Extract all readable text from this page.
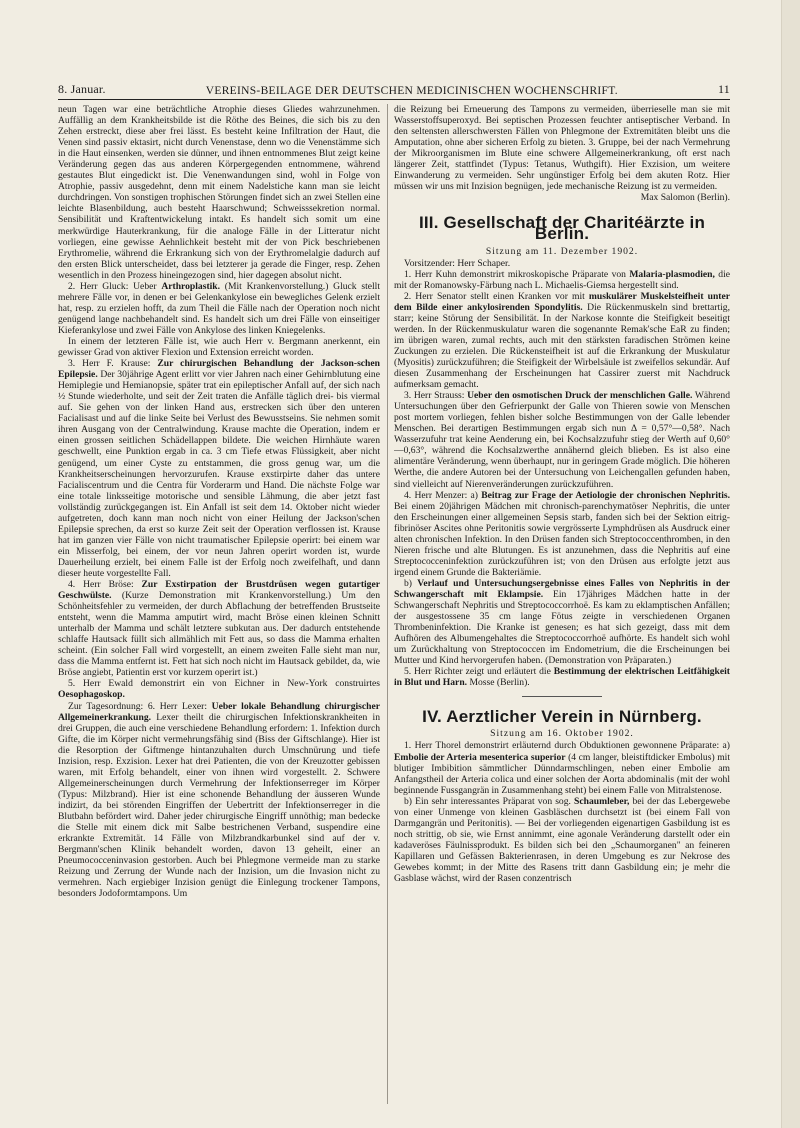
8. Januar.	VEREINS-BEILAGE DER DEUTSCHEN MEDICINISCHEN WOCHENSCHRIFT.	11

neun Tagen war eine beträchtliche Atrophie dieses Gliedes wahrzunehmen. Auffällig an dem Krankheitsbilde ist die Röthe des Beines, die sich bis zu den Zehen erstreckt, diese aber frei lässt. Es besteht keine Infiltration der Haut, die Venen sind passiv ektasirt, nicht durch Venenstase, denn wo die Venenstämme sich in die Haut einsenken, werden sie dünner, und ihnen entnommenes Blut zeigt keine Veränderung gegen das aus anderen Körpergegenden entnommene, während gestautes Blut eingedickt ist. Die Venenwandungen sind, wohl in Folge von Atrophie, passiv ausgedehnt, denn mit einem Nadelstiche kann man sie leicht durchdringen. Von sonstigen trophischen Störungen findet sich an zwei Stellen eine leichte Blasenbildung, auch besteht Haarschwund; Schweisssekretion normal. Sensibilität und Kraftentwickelung intakt. Es handelt sich somit um eine merkwürdige Hauterkrankung, für die analoge Fälle in der Litteratur nicht vorliegen, eine gewisse Aehnlichkeit besteht mit der von Pick beschriebenen Erythromelie, während die Erkrankung sich von der Erythromelalgie dadurch auf den ersten Blick unterscheidet, dass bei letzterer ja gerade die Finger, resp. Zehen wesentlich in den Prozess hineingezogen sind, hier dagegen absolut nicht.

2. Herr Gluck: Ueber Arthroplastik. (Mit Krankenvorstellung.) Gluck stellt mehrere Fälle vor, in denen er bei Gelenkankylose ein bewegliches Gelenk erzielt hat, resp. zu erzielen hofft, da zum Theil die Fälle nach der Operation noch nicht genügend lange nachbehandelt sind. Es handelt sich um drei Fälle von einseitiger Kieferankylose und zwei Fälle von Ankylose des linken Kniegelenks.

In einem der letzteren Fälle ist, wie auch Herr v. Bergmann anerkennt, ein gewisser Grad von aktiver Flexion und Extension erreicht worden.

3. Herr F. Krause: Zur chirurgischen Behandlung der Jackson-schen Epilepsie. Der 30jährige Agent erlitt vor vier Jahren nach einer Gehirnblutung eine Hemiplegie und Hemianopsie, später trat ein epileptischer Anfall auf, der sich nach ½ Stunde wiederholte, und seit der Zeit traten die Anfälle täglich drei- bis viermal auf. Sie gehen von der linken Hand aus, erstrecken sich über den unteren Facialisast und auf die linke Seite bei Verlust des Bewusstseins. Sie nehmen somit ihren Ausgang von der Centralwindung. Krause machte die Operation, indem er einen grossen seitlichen Schädellappen bildete. Die weichen Hirnhäute waren geschwellt, eine Punktion ergab in ca. 3 cm Tiefe etwas Flüssigkeit, aber nicht genügend, um einer Cyste zu entstammen, die gross genug war, um die Krankheitserscheinungen hervorzurufen. Krause exstirpirte daher das untere Facialiscentrum und die Centra für Vorderarm und Hand. Die nächste Folge war eine totale linksseitige motorische und sensible Lähmung, die aber jetzt fast vollständig zurückgegangen ist. Ein Anfall ist seit dem 14. Oktober nicht wieder aufgetreten, doch kann man noch nicht von einer Heilung der Jackson'schen Epilepsie sprechen, da erst so kurze Zeit seit der Operation verflossen ist. Krause hat im ganzen vier Fälle von nicht traumatischer Epilepsie operirt: bei einem war ein Misserfolg, bei einem, der vor neun Jahren operirt worden ist, wurde Dauerheilung erzielt, bei einem Falle ist der Erfolg noch zweifelhaft, und dann dieser heute vorgestellte Fall.

4. Herr Bröse: Zur Exstirpation der Brustdrüsen wegen gutartiger Geschwülste. (Kurze Demonstration mit Krankenvorstellung.) Um den Schönheitsfehler zu vermeiden, der durch Abflachung der betreffenden Brustseite entsteht, wenn die Mamma amputirt wird, macht Bröse einen kleinen Schnitt unterhalb der Mamma und schält letztere subkutan aus. Der dadurch entstehende schlaffe Hautsack füllt sich allmählich mit Fett aus, so dass die Mamma erhalten scheint. (Ein solcher Fall wird vorgestellt, an einem zweiten Falle sieht man nur, dass die Mamma entfernt ist. Fett hat sich noch nicht im Hautsack gebildet, da, wie Bröse angiebt, Patientin erst vor kurzem operirt ist.)

5. Herr Ewald demonstrirt ein von Eichner in New-York construirtes Oesophagoskop.

Zur Tagesordnung: 6. Herr Lexer: Ueber lokale Behandlung chirurgischer Allgemeinerkrankung. Lexer theilt die chirurgischen Infektionskrankheiten in drei Gruppen, die auch eine verschiedene Behandlung erfordern: 1. Infektion durch Gifte, die im Körper nicht vermehrungsfähig sind (Biss der Giftschlange). Hier ist die Resorption der Giftmenge hintanzuhalten durch Umschnürung und tiefe Inzision, resp. Exzision. Lexer hat drei Patienten, die von der Kreuzotter gebissen waren, mit Erfolg behandelt, einer von ihnen wird vorgestellt. 2. Schwere Allgemeinerscheinungen durch Vermehrung der Infektionserreger im Körper (Typus: Milzbrand). Hier ist eine schonende Behandlung der äusseren Wunde indizirt, da bei störenden Eingriffen der Uebertritt der Infektionserreger in die Blutbahn befördert wird. Daher jeder chirurgische Eingriff unnöthig; man bedecke die Stelle mit einem dick mit Salbe bestrichenen Verband, suspendire eine erkrankte Extremität. 14 Fälle von Milzbrandkarbunkel sind auf der v. Bergmann'schen Klinik behandelt worden, davon 13 geheilt, einer an Pneumococceninvasion gestorben. Auch bei Phlegmone vermeide man zu starke Reizung und Zerrung der Wunde nach der Inzision, um die Invasion nicht zu vermehren. Nach ergiebiger Inzision genügt die Einlegung trockener Tampons, besonders Jodoformtampons. Um

die Reizung bei Erneuerung des Tampons zu vermeiden, überrieselle man sie mit Wasserstoffsuperoxyd. Bei septischen Prozessen feuchter antiseptischer Verband. In den seltensten allerschwersten Fällen von Phlegmone der Extremitäten bleibt uns die Amputation, ohne aber sicheren Erfolg zu bieten. 3. Gruppe, bei der nach Vermehrung der Mikroorganismen im Blute eine schwere Allgemeinerkrankung, oft erst nach längerer Zeit, stattfindet (Typus: Tetanus, Wuthgift). Hier Exzision, um weitere Einwanderung zu vermeiden. Sehr ungünstiger Erfolg bei dem akuten Rotz. Hier müssen wir uns mit Inzision begnügen, jede mechanische Reizung ist zu vermeiden.

Max Salomon (Berlin).

III. Gesellschaft der Charitéärzte in Berlin.

Sitzung am 11. Dezember 1902.

Vorsitzender: Herr Schaper.

1. Herr Kuhn demonstrirt mikroskopische Präparate von Malaria-plasmodien, die mit der Romanowsky-Färbung nach L. Michaelis-Giemsa hergestellt sind.

2. Herr Senator stellt einen Kranken vor mit muskulärer Muskelsteifheit unter dem Bilde einer ankylosirenden Spondylitis. Die Rückenmuskeln sind brettartig, starr; keine Störung der Sensibilität. In der Narkose konnte die Steifigkeit beseitigt werden. In der Rückenmuskulatur waren die sogenannte Remak'sche EaR zu finden; im übrigen waren, zumal rechts, auch mit den stärksten faradischen Strömen keine Zuckungen zu erzielen. Die Rückensteifheit ist auf die Erkrankung der Muskulatur (Myositis) zurückzuführen; die Steifigkeit der Wirbelsäule ist zweifellos sekundär. Auf diesen Zusammenhang der Erscheinungen hat Cassirer zuerst mit Nachdruck aufmerksam gemacht.

3. Herr Strauss: Ueber den osmotischen Druck der menschlichen Galle. Während Untersuchungen über den Gefrierpunkt der Galle von Thieren sowie von Menschen post mortem vorliegen, fehlen bisher solche Bestimmungen von der Galle lebender Menschen. Bei derartigen Bestimmungen ergab sich nun Δ = 0,57°—0,58°. Nach Wasserzufuhr trat keine Aenderung ein, bei Kochsalzzufuhr stieg der Werth auf 0,60°—0,63°, während die Kochsalzwerthe annähernd gleich blieben. Es ist also eine alimentäre Veränderung, wenn überhaupt, nur in geringem Grade möglich. Die höheren Werthe, die andere Autoren bei der Untersuchung von Leichengallen gefunden haben, sind vielleicht auf Nierenveränderungen zurückzuführen.

4. Herr Menzer: a) Beitrag zur Frage der Aetiologie der chronischen Nephritis. Bei einem 20jährigen Mädchen mit chronisch-parenchymatöser Nephritis, die unter den Erscheinungen einer allgemeinen Sepsis starb, fanden sich bei der Sektion eitrig-fibrinöser Ascites ohne Peritonitis sowie vergrösserte Lymphdrüsen als Ausdruck einer alten chronischen Infektion. In den Drüsen fanden sich Streptococcenthromben, in den Nieren frische und alte Blutungen. Es ist anzunehmen, dass die Nephritis auf eine Streptococceninfektion zurückzuführen ist; von den Drüsen aus erfolgte jetzt aus irgend einem Grunde die Bakteriämie.

b) Verlauf und Untersuchungsergebnisse eines Falles von Nephritis in der Schwangerschaft mit Eklampsie. Ein 17jähriges Mädchen hatte in der Schwangerschaft Nephritis und Streptococcorrhoë. Es kam zu eklamptischen Anfällen; der ausgestossene 35 cm lange Fötus zeigte in verschiedenen Organen Thrombeninfektion. Die Kranke ist genesen; es hat sich gezeigt, dass mit dem Aufhören des Albumengehaltes die Streptococcorrhoë aufhörte. Es handelt sich wohl um Zurückhaltung von Streptococcen im Endometrium, die die Erscheinungen bei Mutter und Kind hervorgerufen haben. (Demonstration von Präparaten.)

5. Herr Richter zeigt und erläutert die Bestimmung der elektrischen Leitfähigkeit in Blut und Harn. Mosse (Berlin).

IV. Aerztlicher Verein in Nürnberg.

Sitzung am 16. Oktober 1902.

1. Herr Thorel demonstrirt erläuternd durch Obduktionen gewonnene Präparate: a) Embolie der Arteria mesenterica superior (4 cm langer, bleistiftdicker Embolus) mit blutiger Imbibition sämmtlicher Dünndarmschlingen, neben einer Embolie am Anfangstheil der Arteria colica und einer solchen der Aorta abdominalis (mit der wohl beginnende Fussgangrän in Zusammenhang steht) bei einem Falle von Mitralstenose.

b) Ein sehr interessantes Präparat von sog. Schaumleber, bei der das Lebergewebe von einer Unmenge von kleinen Gasbläschen durchsetzt ist (bei einem Fall von Darmgangrän und Peritonitis). — Bei der vorliegenden eigenartigen Gasbildung ist es noch strittig, ob sie, wie Ernst annimmt, eine agonale Veränderung darstellt oder ein kadaveröses Fäulnissprodukt. Es bilden sich bei den „Schaumorganen" an feineren Kapillaren und Gefässen Bakterienrasen, in deren Umgebung es zur Nekrose des Gewebes kommt; in der Mitte des Rasens tritt dann Gasbildung ein; je mehr die Gasblase wächst, wird der Rasen conzentrisch
